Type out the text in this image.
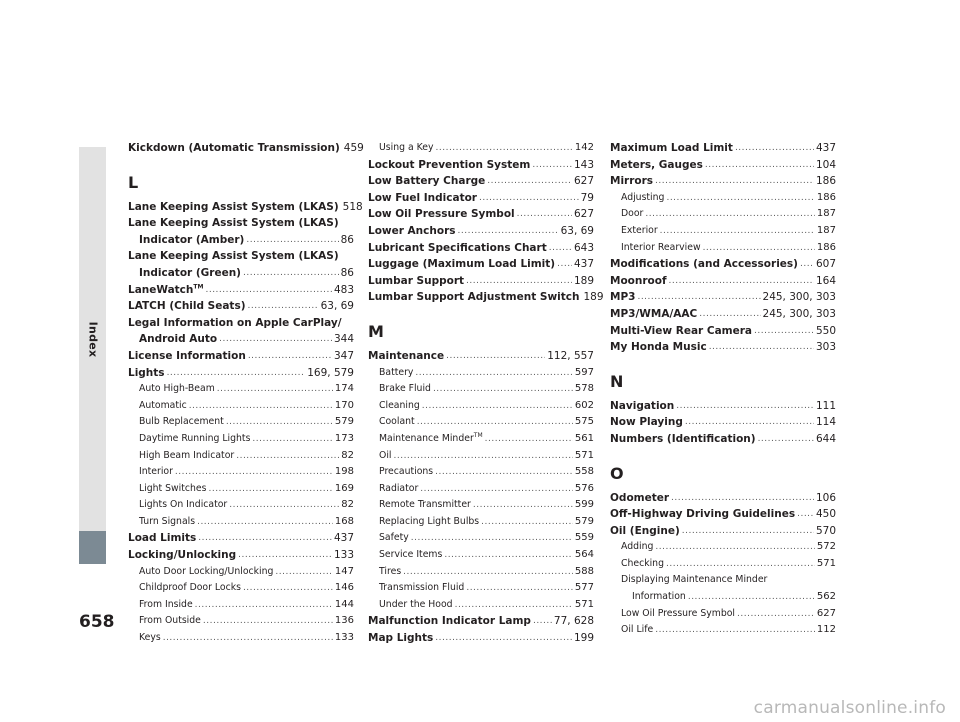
Index
658
Kickdown (Automatic Transmission) 459
L
Lane Keeping Assist System (LKAS) 518
Lane Keeping Assist System (LKAS)
Indicator (Amber) .....	86
Lane Keeping Assist System (LKAS)
Indicator (Green) .....	86
LaneWatch™ .....	483
LATCH (Child Seats) .....	63, 69
Legal Information on Apple CarPlay/
Android Auto .....	344
License Information .....	347
Lights .....	169, 579
Auto High-Beam .....	174
Automatic .....	170
Bulb Replacement .....	579
Daytime Running Lights .....	173
High Beam Indicator .....	82
Interior .....	198
Light Switches .....	169
Lights On Indicator .....	82
Turn Signals .....	168
Load Limits .....	437
Locking/Unlocking .....	133
Auto Door Locking/Unlocking .....	147
Childproof Door Locks .....	146
From Inside .....	144
From Outside .....	136
Keys .....	133
Using a Key .....	142
Lockout Prevention System .....	143
Low Battery Charge .....	627
Low Fuel Indicator .....	79
Low Oil Pressure Symbol .....	627
Lower Anchors .....	63, 69
Lubricant Specifications Chart .....	643
Luggage (Maximum Load Limit) ..... 437
Lumbar Support .....	189
Lumbar Support Adjustment Switch 189
M
Maintenance .....	112, 557
Battery .....	597
Brake Fluid .....	578
Cleaning .....	602
Coolant .....	575
Maintenance Minder™ .....	561
Oil .....	571
Precautions .....	558
Radiator .....	576
Remote Transmitter .....	599
Replacing Light Bulbs .....	579
Safety .....	559
Service Items .....	564
Tires .....	588
Transmission Fluid .....	577
Under the Hood .....	571
Malfunction Indicator Lamp ..... 77, 628
Map Lights .....	199
Maximum Load Limit .....	437
Meters, Gauges .....	104
Mirrors .....	186
Adjusting .....	186
Door .....	187
Exterior .....	187
Interior Rearview .....	186
Modifications (and Accessories) ..... 607
Moonroof .....	164
MP3 .....	245, 300, 303
MP3/WMA/AAC .....	245, 300, 303
Multi-View Rear Camera .....	550
My Honda Music .....	303
N
Navigation .....	111
Now Playing .....	114
Numbers (Identification) .....	644
O
Odometer .....	106
Off-Highway Driving Guidelines ..... 450
Oil (Engine) .....	570
Adding .....	572
Checking .....	571
Displaying Maintenance Minder
Information .....	562
Low Oil Pressure Symbol .....	627
Oil Life .....	112
carmanualsonline.info
